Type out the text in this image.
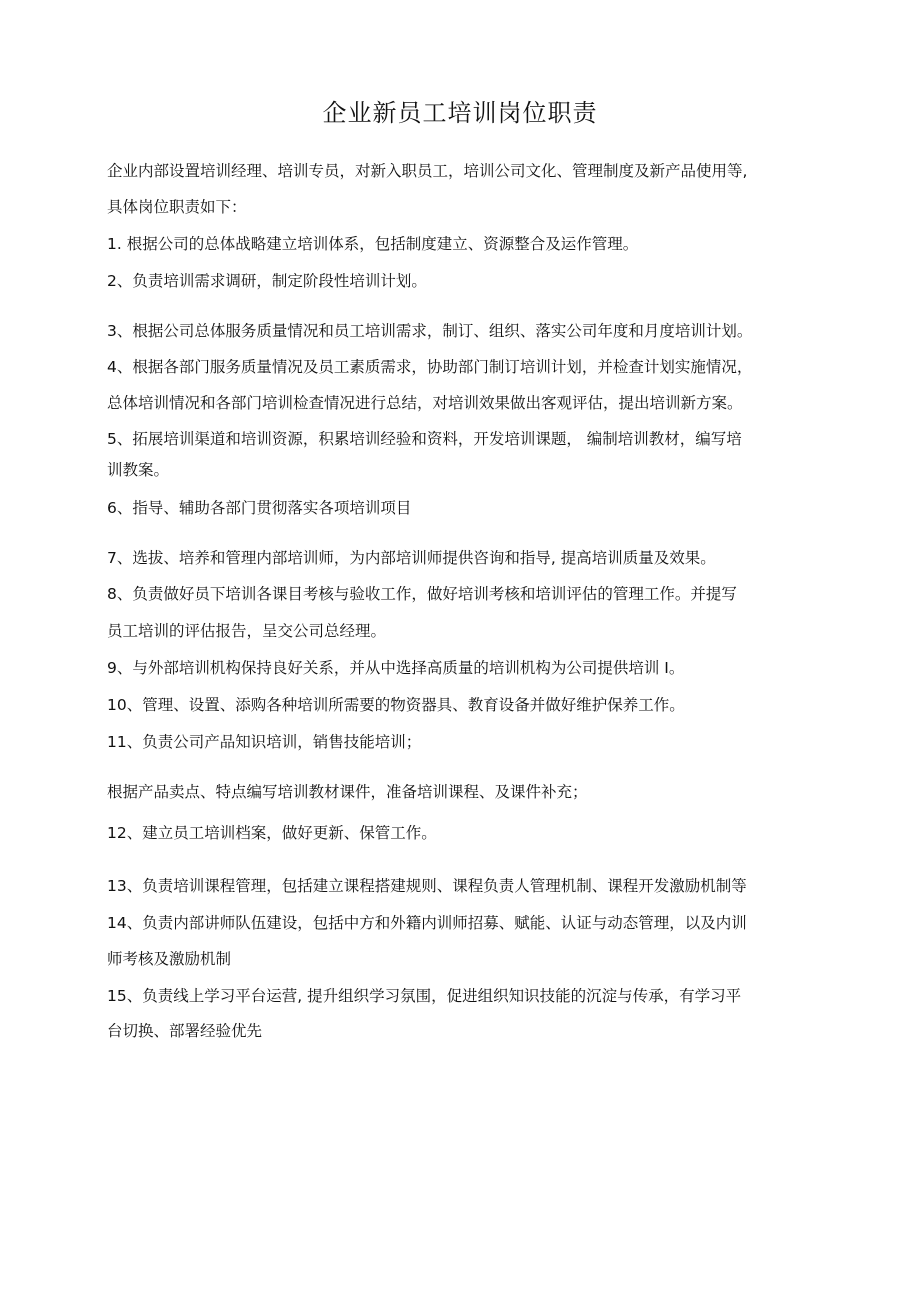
企业新员工培训岗位职责
企业内部设置培训经理、培训专员，对新入职员工，培训公司文化、管理制度及新产品使用等,
具体岗位职责如下：
1. 根据公司的总体战略建立培训体系，包括制度建立、资源整合及运作管理。
2、负责培训需求调研，制定阶段性培训计划。
3、根据公司总体服务质量情况和员工培训需求，制订、组织、落实公司年度和月度培训计划。
4、根据各部门服务质量情况及员工素质需求，协助部门制订培训计划，并检查计划实施情况，
总体培训情况和各部门培训检查情况进行总结，对培训效果做出客观评估，提出培训新方案。
5、拓展培训渠道和培训资源，积累培训经验和资料，开发培训课题， 编制培训教材，编写培
训教案。
6、指导、辅助各部门贯彻落实各项培训项目
7、选拔、培养和管理内部培训师，为内部培训师提供咨询和指导, 提高培训质量及效果。
8、负责做好员下培训各课目考核与验收工作，做好培训考核和培训评估的管理工作。并提写
员工培训的评估报告，呈交公司总经理。
9、与外部培训机构保持良好关系，并从中选择高质量的培训机构为公司提供培训 I。
10、管理、设置、添购各种培训所需要的物资器具、教育设备并做好维护保养工作。
11、负责公司产品知识培训，销售技能培训；
根据产品卖点、特点编写培训教材课件，准备培训课程、及课件补充；
12、建立员工培训档案，做好更新、保管工作。
13、负责培训课程管理，包括建立课程搭建规则、课程负责人管理机制、课程开发激励机制等
14、负责内部讲师队伍建设，包括中方和外籍内训师招募、赋能、认证与动态管理，以及内训
师考核及激励机制
15、负责线上学习平台运营, 提升组织学习氛围，促进组织知识技能的沉淀与传承，有学习平
台切换、部署经验优先
